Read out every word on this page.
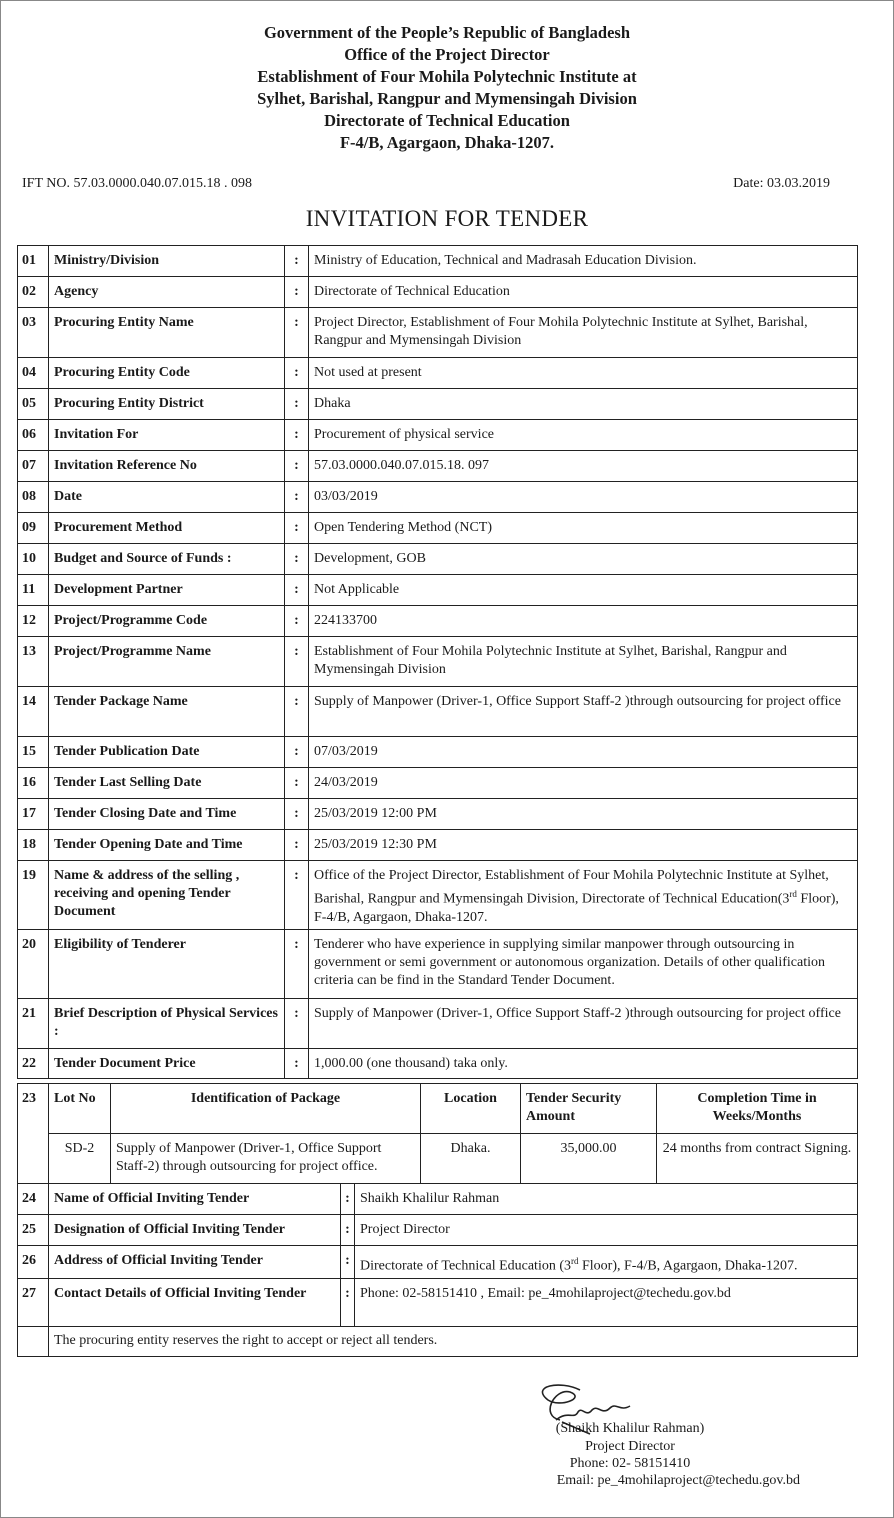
Government of the People’s Republic of Bangladesh
Office of the Project Director
Establishment of Four Mohila Polytechnic Institute at
Sylhet, Barishal, Rangpur and Mymensingah Division
Directorate of Technical Education
F-4/B, Agargaon, Dhaka-1207.
IFT NO. 57.03.0000.040.07.015.18 . 098	Date: 03.03.2019
INVITATION FOR TENDER
01	Ministry/Division	:	Ministry of Education, Technical and Madrasah Education Division.
02	Agency	:	Directorate of Technical Education
03	Procuring Entity Name	:	Project Director, Establishment of Four Mohila Polytechnic Institute at Sylhet, Barishal, Rangpur and Mymensingah Division
04	Procuring Entity Code	:	Not used at present
05	Procuring Entity District	:	Dhaka
06	Invitation For	:	Procurement of physical service
07	Invitation Reference No	:	57.03.0000.040.07.015.18. 097
08	Date	:	03/03/2019
09	Procurement Method	:	Open Tendering Method (NCT)
10	Budget and Source of Funds :	:	Development, GOB
11	Development Partner	:	Not Applicable
12	Project/Programme Code	:	224133700
13	Project/Programme Name	:	Establishment of Four Mohila Polytechnic Institute at Sylhet, Barishal, Rangpur and Mymensingah Division
14	Tender Package Name	:	Supply of Manpower (Driver-1, Office Support Staff-2 )through outsourcing for project office
15	Tender Publication Date	:	07/03/2019
16	Tender Last Selling Date	:	24/03/2019
17	Tender Closing Date and Time	:	25/03/2019 12:00 PM
18	Tender Opening Date and Time	:	25/03/2019 12:30 PM
19	Name & address of the selling , receiving and opening Tender Document	:	Office of the Project Director, Establishment of Four Mohila Polytechnic Institute at Sylhet, Barishal, Rangpur and Mymensingah Division, Directorate of Technical Education(3rd Floor), F-4/B, Agargaon, Dhaka-1207.
20	Eligibility of Tenderer	:	Tenderer who have experience in supplying similar manpower through outsourcing in government or semi government or autonomous organization. Details of other qualification criteria can be find in the Standard Tender Document.
21	Brief Description of Physical Services :	:	Supply of Manpower (Driver-1, Office Support Staff-2 )through outsourcing for project office
22	Tender Document Price	:	1,000.00 (one thousand) taka only.
23	Lot No	Identification of Package	Location	Tender Security Amount	Completion Time in Weeks/Months
	SD-2	Supply of Manpower (Driver-1, Office Support Staff-2) through outsourcing for project office.	Dhaka.	35,000.00	24 months from contract Signing.
24	Name of Official Inviting Tender	:	Shaikh Khalilur Rahman
25	Designation of Official Inviting Tender	:	Project Director
26	Address of Official Inviting Tender	:	Directorate of Technical Education (3rd Floor), F-4/B, Agargaon, Dhaka-1207.
27	Contact Details of Official Inviting Tender	:	Phone: 02-58151410 , Email: pe_4mohilaproject@techedu.gov.bd
	The procuring entity reserves the right to accept or reject all tenders.		
(Shaikh Khalilur Rahman)
Project Director
Phone: 02- 58151410
Email: pe_4mohilaproject@techedu.gov.bd
